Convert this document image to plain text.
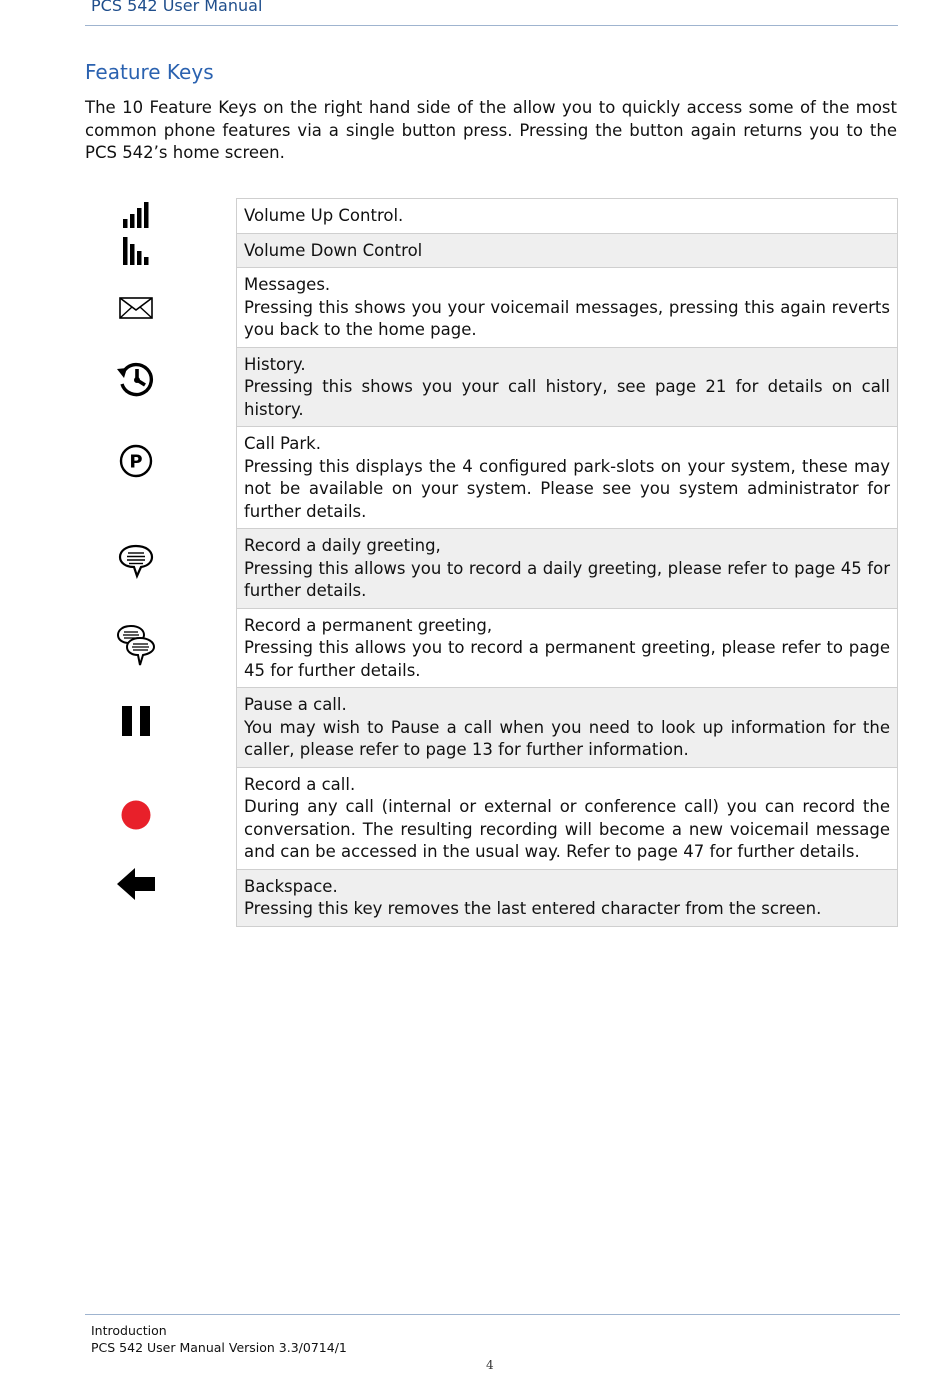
PCS 542 User Manual
Feature Keys

The 10 Feature Keys on the right hand side of the allow you to quickly access some of the most common phone features via a single button press. Pressing the button again returns you to the PCS 542’s home screen.

P
Volume Up Control.

Volume Down Control

Messages.
Pressing this shows you your voicemail messages, pressing this again reverts you back to the home page.

History.
Pressing this shows you your call history, see page 21 for details on call history.

Call Park.
Pressing this displays the 4 configured park-slots on your system, these may not be available on your system. Please see you system administrator for further details.

Record a daily greeting,
Pressing this allows you to record a daily greeting, please refer to page 45 for further details.

Record a permanent greeting,
Pressing this allows you to record a permanent greeting, please refer to page 45 for further details.

Pause a call.
You may wish to Pause a call when you need to look up information for the caller, please refer to page 13 for further information.

Record a call.
During any call (internal or external or conference call) you can record the conversation. The resulting recording will become a new voicemail message and can be accessed in the usual way. Refer to page 47 for further details.

Backspace.
Pressing this key removes the last entered character from the screen.
Introduction
PCS 542 User Manual Version 3.3/0714/1
4
